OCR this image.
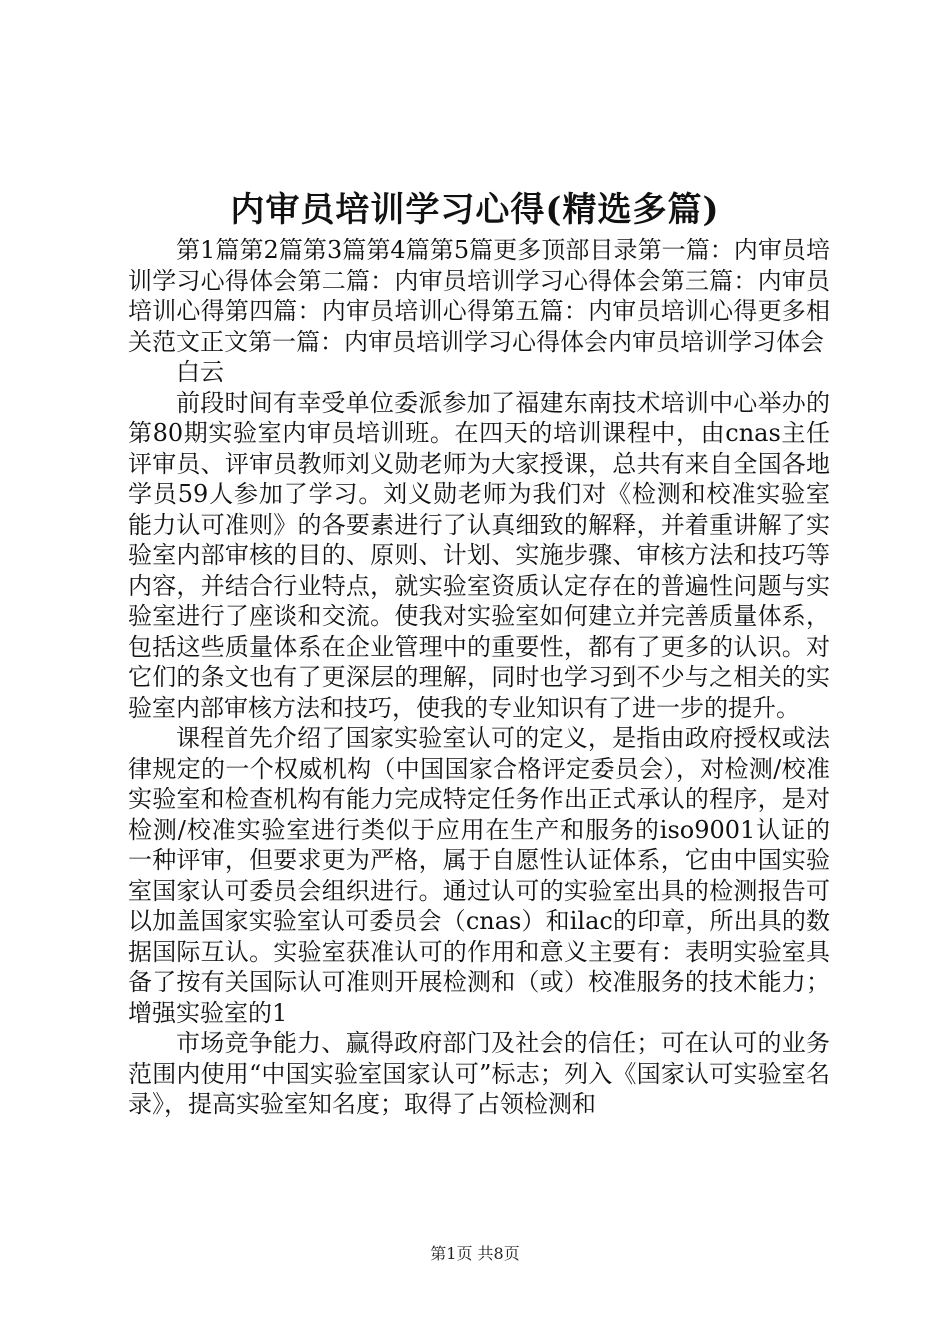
内审员培训学习心得(精选多篇)

第1篇第2篇第3篇第4篇第5篇更多顶部目录第一篇：内审员培训学习心得体会第二篇：内审员培训学习心得体会第三篇：内审员培训心得第四篇：内审员培训心得第五篇：内审员培训心得更多相关范文正文第一篇：内审员培训学习心得体会内审员培训学习体会

白云

前段时间有幸受单位委派参加了福建东南技术培训中心举办的第80期实验室内审员培训班。在四天的培训课程中，由cnas主任评审员、评审员教师刘义勋老师为大家授课，总共有来自全国各地学员59人参加了学习。刘义勋老师为我们对《检测和校准实验室能力认可准则》的各要素进行了认真细致的解释，并着重讲解了实验室内部审核的目的、原则、计划、实施步骤、审核方法和技巧等内容，并结合行业特点，就实验室资质认定存在的普遍性问题与实验室进行了座谈和交流。使我对实验室如何建立并完善质量体系，包括这些质量体系在企业管理中的重要性，都有了更多的认识。对它们的条文也有了更深层的理解，同时也学习到不少与之相关的实验室内部审核方法和技巧，使我的专业知识有了进一步的提升。

课程首先介绍了国家实验室认可的定义，是指由政府授权或法律规定的一个权威机构（中国国家合格评定委员会），对检测/校准实验室和检查机构有能力完成特定任务作出正式承认的程序，是对检测/校准实验室进行类似于应用在生产和服务的iso9001认证的一种评审，但要求更为严格，属于自愿性认证体系，它由中国实验室国家认可委员会组织进行。通过认可的实验室出具的检测报告可以加盖国家实验室认可委员会（cnas）和ilac的印章，所出具的数据国际互认。实验室获准认可的作用和意义主要有：表明实验室具备了按有关国际认可准则开展检测和（或）校准服务的技术能力；增强实验室的1

市场竞争能力、赢得政府部门及社会的信任；可在认可的业务范围内使用“中国实验室国家认可”标志；列入《国家认可实验室名录》，提高实验室知名度；取得了占领检测和

第1页 共8页
